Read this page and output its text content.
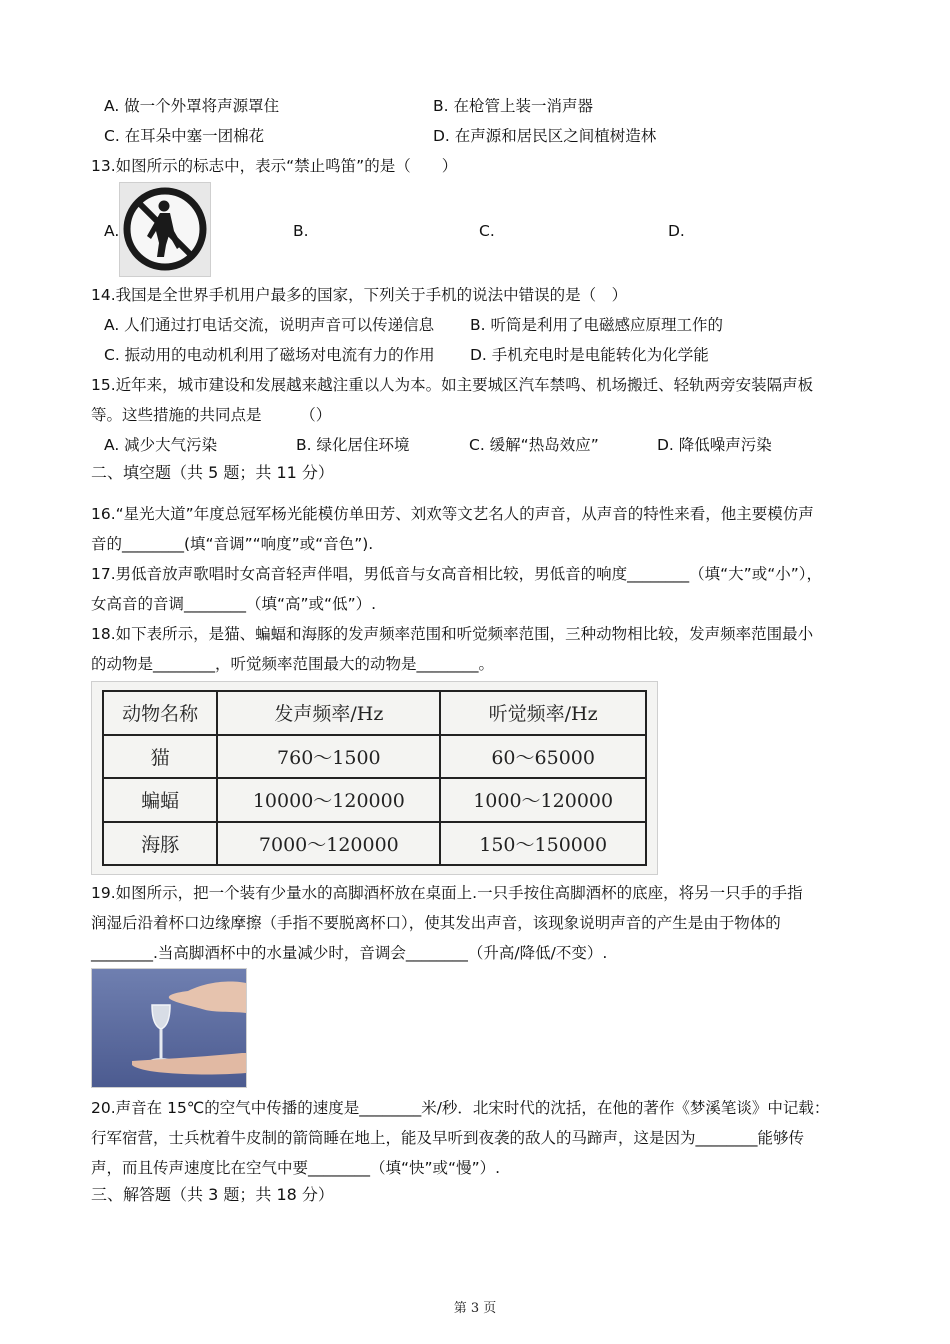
A. 做一个外罩将声源罩住	B. 在枪管上装一消声器
C. 在耳朵中塞一团棉花	D. 在声源和居民区之间植树造林
13.如图所示的标志中，表示“禁止鸣笛”的是（　　）
A.	B.	C.	D.
14.我国是全世界手机用户最多的国家，下列关于手机的说法中错误的是（　）
A. 人们通过打电话交流，说明声音可以传递信息 B. 听筒是利用了电磁感应原理工作的
C. 振动用的电动机利用了磁场对电流有力的作用 D. 手机充电时是电能转化为化学能
15.近年来，城市建设和发展越来越注重以人为本。如主要城区汽车禁鸣、机场搬迁、轻轨两旁安装隔声板
等。这些措施的共同点是　　　（）
A. 减少大气污染	B. 绿化居住环境	C. 缓解“热岛效应”	D. 降低噪声污染
二、填空题（共 5 题；共 11 分）
16.“星光大道”年度总冠军杨光能模仿单田芳、刘欢等文艺名人的声音，从声音的特性来看，他主要模仿声
音的________(填“音调”“响度”或“音色”).
17.男低音放声歌唱时女高音轻声伴唱，男低音与女高音相比较，男低音的响度________（填“大”或“小”），
女高音的音调________（填“高”或“低”）.
18.如下表所示，是猫、蝙蝠和海豚的发声频率范围和听觉频率范围，三种动物相比较，发声频率范围最小
的动物是________，听觉频率范围最大的动物是________。
动物名称	发声频率/Hz	听觉频率/Hz
猫	760～1500	60～65000
蝙蝠	10000～120000	1000～120000
海豚	7000～120000	150～150000
19.如图所示，把一个装有少量水的高脚酒杯放在桌面上.一只手按住高脚酒杯的底座，将另一只手的手指
润湿后沿着杯口边缘摩擦（手指不要脱离杯口），使其发出声音，该现象说明声音的产生是由于物体的
________.当高脚酒杯中的水量减少时，音调会________（升高/降低/不变）.
20.声音在 15℃的空气中传播的速度是________米/秒．北宋时代的沈括，在他的著作《梦溪笔谈》中记载：
行军宿营，士兵枕着牛皮制的箭筒睡在地上，能及早听到夜袭的敌人的马蹄声，这是因为________能够传
声，而且传声速度比在空气中要________（填“快”或“慢”）.
三、解答题（共 3 题；共 18 分）
第 3 页
